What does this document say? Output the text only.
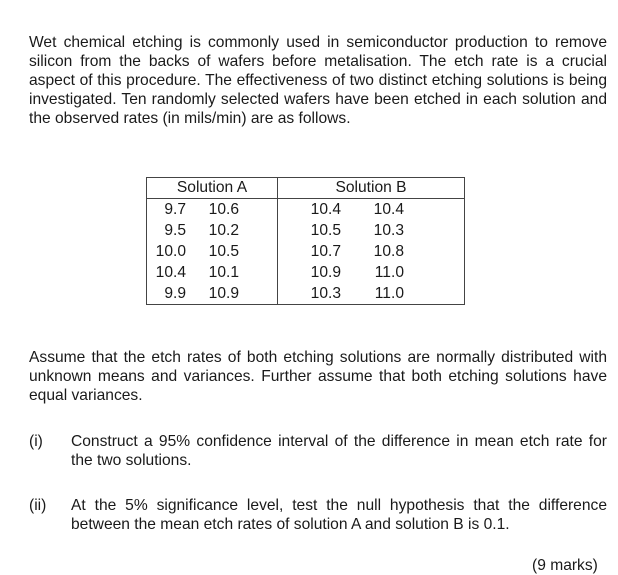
Wet chemical etching is commonly used in semiconductor production to remove silicon from the backs of wafers before metalisation. The etch rate is a crucial aspect of this procedure. The effectiveness of two distinct etching solutions is being investigated. Ten randomly selected wafers have been etched in each solution and the observed rates (in mils/min) are as follows.

Solution A	Solution B

9.7 10.6	10.4 10.4

9.5 10.2	10.5 10.3

10.0 10.5	10.7 10.8

10.4 10.1	10.9 11.0

9.9 10.9	10.3 11.0

Assume that the etch rates of both etching solutions are normally distributed with unknown means and variances. Further assume that both etching solutions have equal variances.

(i) Construct a 95% confidence interval of the difference in mean etch rate for the two solutions.
(ii) At the 5% significance level, test the null hypothesis that the difference between the mean etch rates of solution A and solution B is 0.1.
(9 marks)
